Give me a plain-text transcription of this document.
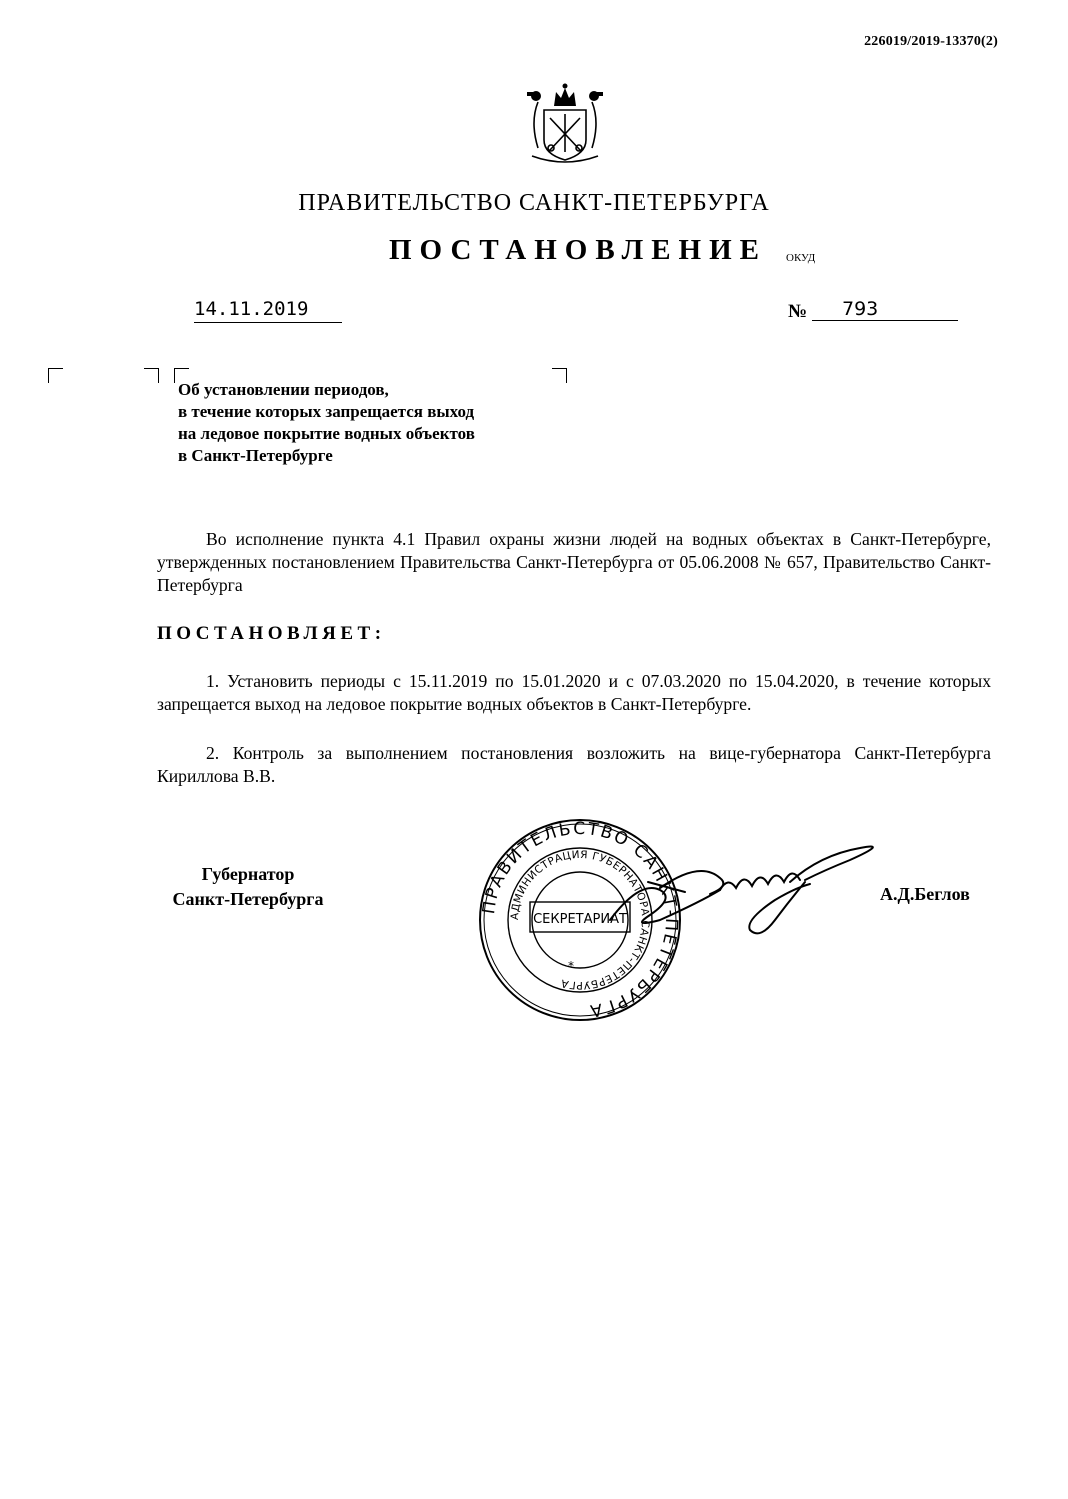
226019/2019-13370(2)
ПРАВИТЕЛЬСТВО САНКТ-ПЕТЕРБУРГА
ПОСТАНОВЛЕНИЕ ОКУД
14.11.2019	№ 793
Об установлении периодов,
в течение которых запрещается выход
на ледовое покрытие водных объектов
в Санкт-Петербурге
Во исполнение пункта 4.1 Правил охраны жизни людей на водных объектах в Санкт-Петербурге, утвержденных постановлением Правительства Санкт-Петербурга от 05.06.2008 № 657, Правительство Санкт-Петербурга
ПОСТАНОВЛЯЕТ:
1. Установить периоды с 15.11.2019 по 15.01.2020 и с 07.03.2020 по 15.04.2020, в течение которых запрещается выход на ледовое покрытие водных объектов в Санкт-Петербурге.
2. Контроль за выполнением постановления возложить на вице-губернатора Санкт-Петербурга Кириллова В.В.
Губернатор
Санкт-Петербурга	ПРАВИТЕЛЬСТВО САНКТ-ПЕТЕРБУРГА
АДМИНИСТРАЦИЯ ГУБЕРНАТОРА САНКТ-ПЕТЕРБУРГА
СЕКРЕТАРИАТ
*
А.Д.Беглов
